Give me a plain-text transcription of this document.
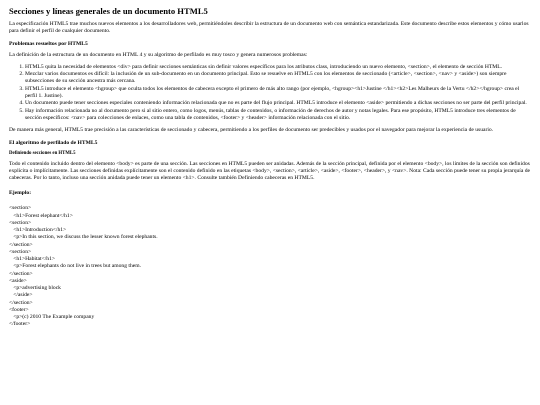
Secciones y líneas generales de un documento HTML5

La especificación HTML5 trae muchos nuevos elementos a los desarrolladores web, permitiéndoles describir la estructura de un documento web con semántica estandarizada. Este documento describe estos elementos y cómo usarlos para definir el perfil de cualquier documento.

Problemas resueltos por HTML5

La definición de la estructura de un documento en HTML 4 y su algoritmo de perfilado es muy tosco y genera numerosos problemas:

1. HTML5 quita la necesidad de elementos <div> para definir secciones semánticas sin definir valores específicos para los atributos class, introduciendo un nuevo elemento, <section>, el elemento de sección HTML.
2. Mezclar varios documentos es difícil: la inclusión de un sub-documento en un documento principal. Esto se resuelve en HTML5 con los elementos de seccionado (<article>, <section>, <nav> y <aside>) son siempre subsecciones de su sección ancestra más cercana.
3. HTML5 introduce el elemento <hgroup> que oculta todos los elementos de cabecera excepto el primero de más alto rango (por ejemplo, <hgroup><h1>Justine </h1><h2>Les Malheurs de la Vertu </h2></hgroup> crea el perfil 1. Justine).
4. Un documento puede tener secciones especiales conteniendo información relacionada que no es parte del flujo principal. HTML5 introduce el elemento <aside> permitiendo a dichas secciones no ser parte del perfil principal.
5. Hay información relacionada no al documento pero si al sitio entero, como logos, menús, tablas de contenidos, o información de derechos de autor y notas legales. Para ese propósito, HTML5 introduce tres elementos de sección específicos: <nav> para colecciones de enlaces, como una tabla de contenidos, <footer> y <header> información relacionada con el sitio.

De manera más general, HTML5 trae precisión a las características de seccionado y cabecera, permitiendo a los perfiles de documento ser predecibles y usados por el navegador para mejorar la experiencia de usuario.

El algoritmo de perfilado de HTML5
Definiendo secciones en HTML5

Todo el contenido incluido dentro del elemento <body> es parte de una sección. Las secciones en HTML5 pueden ser anidadas. Además de la sección principal, definida por el elemento <body>, los límites de la sección son definidos explícita o implícitamente. Las secciones definidas explícitamente son el contenido definido en las etiquetas <body>, <section>, <article>, <aside>, <footer>, <header>, y <nav>. Nota: Cada sección puede tener su propia jerarquía de cabeceras. Por lo tanto, incluso una sección anidada puede tener un elemento <h1>. Consulte también Definiendo cabeceras en HTML5.

Ejemplo:
<section>
<h1>Forest elephant</h1>
<section>
<h1>Introduction</h1>
<p>In this section, we discuss the lesser known forest elephants.
</section>
<section>
<h1>Habitat</h1>
<p>Forest elephants do not live in trees but among them.
</section>
<aside>
<p>advertising block
</aside>
</section>
<footer>
<p>(c) 2010 The Example company
</footer>
